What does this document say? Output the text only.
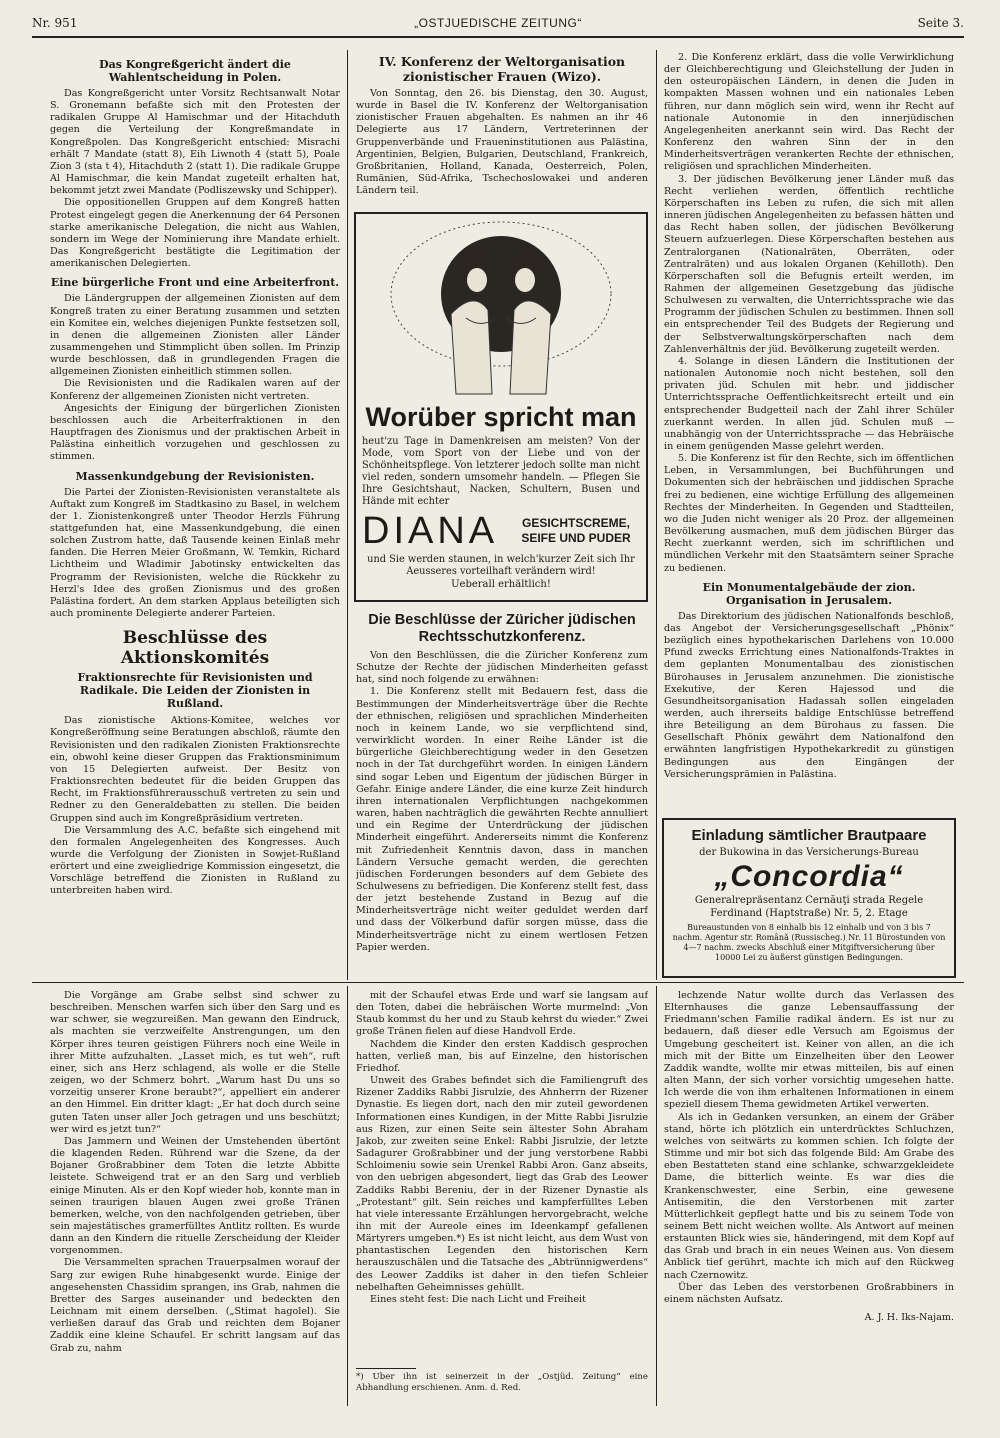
Nr. 951	„OSTJUEDISCHE ZEITUNG“	Seite 3.
Das Kongreßgericht ändert die Wahlentscheidung in Polen.

Das Kongreßgericht unter Vorsitz Rechtsanwalt Notar S. Gronemann befaßte sich mit den Protesten der radikalen Gruppe Al Hamischmar und der Hitachduth gegen die Verteilung der Kongreßmandate in Kongreßpolen. Das Kongreßgericht entschied: Misrachi erhält 7 Mandate (statt 8), Eih Liwnoth 4 (statt 5), Poale Zion 3 (sta t 4), Hitachduth 2 (statt 1). Die radikale Gruppe Al Hamischmar, die kein Mandat zugeteilt erhalten hat, bekommt jetzt zwei Mandate (Podliszewsky und Schipper).

Die oppositionellen Gruppen auf dem Kongreß hatten Protest eingelegt gegen die Anerkennung der 64 Personen starke amerikanische Delegation, die nicht aus Wahlen, sondern im Wege der Nominierung ihre Mandate erhielt. Das Kongreßgericht bestätigte die Legitimation der amerikanischen Delegierten.

Eine bürgerliche Front und eine Arbeiterfront.

Die Ländergruppen der allgemeinen Zionisten auf dem Kongreß traten zu einer Beratung zusammen und setzten ein Komitee ein, welches diejenigen Punkte festsetzen soll, in denen die allgemeinen Zionisten aller Länder zusammengehen und Stimmplicht üben sollen. Im Prinzip wurde beschlossen, daß in grundlegenden Fragen die allgemeinen Zionisten einheitlich stimmen sollen.

Die Revisionisten und die Radikalen waren auf der Konferenz der allgemeinen Zionisten nicht vertreten.

Angesichts der Einigung der bürgerlichen Zionisten beschlossen auch die Arbeiterfraktionen in den Hauptfragen des Zionismus und der praktischen Arbeit in Palästina einheitlich vorzugehen und geschlossen zu stimmen.

Massenkundgebung der Revisionisten.

Die Partei der Zionisten-Revisionisten veranstaltete als Auftakt zum Kongreß im Stadtkasino zu Basel, in welchem der 1. Zionistenkongreß unter Theodor Herzls Führung stattgefunden hat, eine Massenkundgebung, die einen solchen Zustrom hatte, daß Tausende keinen Einlaß mehr fanden. Die Herren Meier Großmann, W. Temkin, Richard Lichtheim und Wladimir Jabotinsky entwickelten das Programm der Revisionisten, welche die Rückkehr zu Herzl's Idee des großen Zionismus und des großen Palästina fordert. An dem starken Applaus beteiligten sich auch prominente Delegierte anderer Parteien.

Beschlüsse des Aktionskomités
Fraktionsrechte für Revisionisten und Radikale. Die Leiden der Zionisten in Rußland.

Das zionistische Aktions-Komitee, welches vor Kongreßeröffnung seine Beratungen abschloß, räumte den Revisionisten und den radikalen Zionisten Fraktionsrechte ein, obwohl keine dieser Gruppen das Fraktionsminimum von 15 Delegierten aufweist. Der Besitz von Fraktionsrechten bedeutet für die beiden Gruppen das Recht, im Fraktionsführerausschuß vertreten zu sein und Redner zu den Generaldebatten zu stellen. Die beiden Gruppen sind auch im Kongreßpräsidium vertreten.

Die Versammlung des A.C. befaßte sich eingehend mit den formalen Angelegenheiten des Kongresses. Auch wurde die Verfolgung der Zionisten in Sowjet-Rußland erörtert und eine zweigliedrige Kommission eingesetzt, die Vorschläge betreffend die Zionisten in Rußland zu unterbreiten haben wird.

IV. Konferenz der Weltorganisation zionistischer Frauen (Wizo).

Von Sonntag, den 26. bis Dienstag, den 30. August, wurde in Basel die IV. Konferenz der Weltorganisation zionistischer Frauen abgehalten. Es nahmen an ihr 46 Delegierte aus 17 Ländern, Vertreterinnen der Gruppenverbände und Fraueninstitutionen aus Palästina, Argentinien, Belgien, Bulgarien, Deutschland, Frankreich, Großbritanien, Holland, Kanada, Oesterreich, Polen, Rumänien, Süd-Afrika, Tschechoslowakei und anderen Ländern teil.

Worüber spricht man
heut'zu Tage in Damenkreisen am meisten? Von der Mode, vom Sport von der Liebe und von der Schönheitspflege. Von letzterer jedoch sollte man nicht viel reden, sondern umsomehr handeln. — Pflegen Sie Ihre Gesichtshaut, Nacken, Schultern, Busen und Hände mit echter
DIANA	GESICHTSCREME, SEIFE UND PUDER
und Sie werden staunen, in welch'kurzer Zeit sich Ihr Aeusseres vorteilhaft verändern wird!
Ueberall erhältlich!
Die Beschlüsse der Züricher jüdischen Rechtsschutzkonferenz.

Von den Beschlüssen, die die Züricher Konferenz zum Schutze der Rechte der jüdischen Minderheiten gefasst hat, sind noch folgende zu erwähnen:

1. Die Konferenz stellt mit Bedauern fest, dass die Bestimmungen der Minderheitsverträge über die Rechte der ethnischen, religiösen und sprachlichen Minderheiten noch in keinem Lande, wo sie verpflichtend sind, verwirklicht worden. In einer Reihe Länder ist die bürgerliche Gleichberechtigung weder in den Gesetzen noch in der Tat durchgeführt worden. In einigen Ländern sind sogar Leben und Eigentum der jüdischen Bürger in Gefahr. Einige andere Länder, die eine kurze Zeit hindurch ihren internationalen Verpflichtungen nachgekommen waren, haben nachträglich die gewährten Rechte annulliert und ein Regime der Unterdrückung der jüdischen Minderheit eingeführt. Andererseits nimmt die Konferenz mit Zufriedenheit Kenntnis davon, dass in manchen Ländern Versuche gemacht werden, die gerechten jüdischen Forderungen besonders auf dem Gebiete des Schulwesens zu befriedigen. Die Konferenz stellt fest, dass der jetzt bestehende Zustand in Bezug auf die Minderheitsverträge nicht weiter geduldet werden darf und dass der Völkerbund dafür sorgen müsse, dass die Minderheitsverträge nicht zu einem wertlosen Fetzen Papier werden.

2. Die Konferenz erklärt, dass die volle Verwirklichung der Gleichberechtigung und Gleichstellung der Juden in den osteuropäischen Ländern, in denen die Juden in kompakten Massen wohnen und ein nationales Leben führen, nur dann möglich sein wird, wenn ihr Recht auf nationale Autonomie in den innerjüdischen Angelegenheiten anerkannt sein wird. Das Recht der Konferenz den wahren Sinn der in den Minderheitsverträgen verankerten Rechte der ethnischen, religiösen und sprachlichen Minderheiten.

3. Der jüdischen Bevölkerung jener Länder muß das Recht verliehen werden, öffentlich rechtliche Körperschaften ins Leben zu rufen, die sich mit allen inneren jüdischen Angelegenheiten zu befassen hätten und das Recht haben sollen, der jüdischen Bevölkerung Steuern aufzuerlegen. Diese Körperschaften bestehen aus Zentralorganen (Nationalräten, Oberräten, oder Zentralräten) und aus lokalen Organen (Kehilloth). Den Körperschaften soll die Befugnis erteilt werden, im Rahmen der allgemeinen Gesetzgebung das jüdische Schulwesen zu verwalten, die Unterrichtssprache wie das Programm der jüdischen Schulen zu bestimmen. Ihnen soll ein entsprechender Teil des Budgets der Regierung und der Selbstverwaltungskörperschaften nach dem Zahlenverhältnis der jüd. Bevölkerung zugeteilt werden.

4. Solange in diesen Ländern die Institutionen der nationalen Autonomie noch nicht bestehen, soll den privaten jüd. Schulen mit hebr. und jiddischer Unterrichtssprache Oeffentlichkeitsrecht erteilt und ein entsprechender Budgetteil nach der Zahl ihrer Schüler zuerkannt werden. In allen jüd. Schulen muß — unabhängig von der Unterrichtssprache — das Hebräische in einem genügenden Masse gelehrt werden.

5. Die Konferenz ist für den Rechte, sich im öffentlichen Leben, in Versammlungen, bei Buchführungen und Dokumenten sich der hebräischen und jiddischen Sprache frei zu bedienen, eine wichtige Erfüllung des allgemeinen Rechtes der Minderheiten. In Gegenden und Stadtteilen, wo die Juden nicht weniger als 20 Proz. der allgemeinen Bevölkerung ausmachen, muß dem jüdischen Bürger das Recht zuerkannt werden, sich im schriftlichen und mündlichen Verkehr mit den Staatsämtern seiner Sprache zu bedienen.

Ein Monumentalgebäude der zion. Organisation in Jerusalem.

Das Direktorium des jüdischen Nationalfonds beschloß, das Angebot der Versicherungsgesellschaft „Phönix“ bezüglich eines hypothekarischen Darlehens von 10.000 Pfund zwecks Errichtung eines Nationalfonds-Traktes in dem geplanten Monumentalbau des zionistischen Bürohauses in Jerusalem anzunehmen. Die zionistische Exekutive, der Keren Hajessod und die Gesundheitsorganisation Hadassah sollen eingeladen werden, auch ihrerseits baldige Entschlüsse betreffend ihre Beteiligung an dem Bürohaus zu fassen. Die Gesellschaft Phönix gewährt dem Nationalfond den erwähnten langfristigen Hypothekarkredit zu günstigen Bedingungen aus den Eingängen der Versicherungsprämien in Palästina.

Einladung sämtlicher Brautpaare
der Bukowina in das Versicherungs-Bureau
„Concordia“
Generalrepräsentanz Cernăuţi strada Regele
Ferdinand (Haptstraße) Nr. 5, 2. Etage
Bureaustunden von 8 einhalb bis 12 einhalb und von 3 bis 7 nachm. Agentur str. Română (Russischeg.) Nr. 11 Bürostunden von 4—7 nachm. zwecks Abschluß einer Mitgiftversicherung über 10000 Lei zu äußerst günstigen Bedingungen.

Die Vorgänge am Grabe selbst sind schwer zu beschreiben. Menschen warfen sich über den Sarg und es war schwer, sie wegzureißen. Man gewann den Eindruck, als machten sie verzweifelte Anstrengungen, um den Körper ihres teuren geistigen Führers noch eine Weile in ihrer Mitte aufzuhalten. „Lasset mich, es tut weh“, ruft einer, sich ans Herz schlagend, als wolle er die Stelle zeigen, wo der Schmerz bohrt. „Warum hast Du uns so vorzeitig unserer Krone beraubt?“, appelliert ein anderer an den Himmel. Ein dritter klagt: „Er hat doch durch seine guten Taten unser aller Joch getragen und uns beschützt; wer wird es jetzt tun?“

Das Jammern und Weinen der Umstehenden übertönt die klagenden Reden. Rührend war die Szene, da der Bojaner Großrabbiner dem Toten die letzte Abbitte leistete. Schweigend trat er an den Sarg und verblieb einige Minuten. Als er den Kopf wieder hob, konnte man in seinen traurigen blauen Augen zwei große Tränen bemerken, welche, von den nachfolgenden getrieben, über sein majestätisches gramerfülltes Antlitz rollten. Es wurde dann an den Kindern die rituelle Zerscheidung der Kleider vorgenommen.

Die Versammelten sprachen Trauerpsalmen worauf der Sarg zur ewigen Ruhe hinabgesenkt wurde. Einige der angesehensten Chassidim sprangen, ins Grab, nahmen die Bretter des Sarges auseinander und bedeckten den Leichnam mit einem derselben. („Stimat hagolel). Sie verließen darauf das Grab und reichten dem Bojaner Zaddik eine kleine Schaufel. Er schritt langsam auf das Grab zu, nahm

mit der Schaufel etwas Erde und warf sie langsam auf den Toten, dabei die hebräischen Worte murmelnd: „Von Staub kommst du her und zu Staub kehrst du wieder.“ Zwei große Tränen fielen auf diese Handvoll Erde.

Nachdem die Kinder den ersten Kaddisch gesprochen hatten, verließ man, bis auf Einzelne, den historischen Friedhof.

Unweit des Grabes befindet sich die Familiengruft des Rizener Zaddiks Rabbi Jisrulzie, des Ahnherrn der Rizener Dynastie. Es liegen dort, nach den mir zuteil gewordenen Informationen eines Kundigen, in der Mitte Rabbi Jisrulzie aus Rizen, zur einen Seite sein ältester Sohn Abraham Jakob, zur zweiten seine Enkel: Rabbi Jisrulzie, der letzte Sadagurer Großrabbiner und der jung verstorbene Rabbi Schloimeniu sowie sein Urenkel Rabbi Aron. Ganz abseits, von den uebrigen abgesondert, liegt das Grab des Leower Zaddiks Rabbi Bereniu, der in der Rizener Dynastie als „Protestant“ gilt. Sein reiches und kampferfülltes Leben hat viele interessante Erzählungen hervorgebracht, welche ihn mit der Aureole eines im Ideenkampf gefallenen Märtyrers umgeben.*) Es ist nicht leicht, aus dem Wust von phantastischen Legenden den historischen Kern herauszuschälen und die Tatsache des „Abtrünnigwerdens“ des Leower Zaddiks ist daher in den tiefen Schleier nebelhaften Geheimnisses gehüllt.

Eines steht fest: Die nach Licht und Freiheit

*) Über ihn ist seinerzeit in der „Ostjüd. Zeitung“ eine Abhandlung erschienen. Anm. d. Red.

lechzende Natur wollte durch das Verlassen des Elternhauses die ganze Lebensauffassung der Friedmann'schen Familie radikal ändern. Es ist nur zu bedauern, daß dieser edle Versuch am Egoismus der Umgebung gescheitert ist. Keiner von allen, an die ich mich mit der Bitte um Einzelheiten über den Leower Zaddik wandte, wollte mir etwas mitteilen, bis auf einen alten Mann, der sich vorher vorsichtig umgesehen hatte. Ich werde die von ihm erhaltenen Informationen in einem speziell diesem Thema gewidmeten Artikel verwerten.

Als ich in Gedanken versunken, an einem der Gräber stand, hörte ich plötzlich ein unterdrücktes Schluchzen, welches von seitwärts zu kommen schien. Ich folgte der Stimme und mir bot sich das folgende Bild: Am Grabe des eben Bestatteten stand eine schlanke, schwarzgekleidete Dame, die bitterlich weinte. Es war dies die Krankenschwester, eine Serbin, eine gewesene Antisemitin, die den Verstorbenen mit zarter Mütterlichkeit gepflegt hatte und bis zu seinem Tode von seinem Bett nicht weichen wollte. Als Antwort auf meinen erstaunten Blick wies sie, händeringend, mit dem Kopf auf das Grab und brach in ein neues Weinen aus. Von diesem Anblick tief gerührt, machte ich mich auf den Rückweg nach Czernowitz.

Über das Leben des verstorbenen Großrabbiners in einem nächsten Aufsatz.

A. J. H. Iks-Najam.
